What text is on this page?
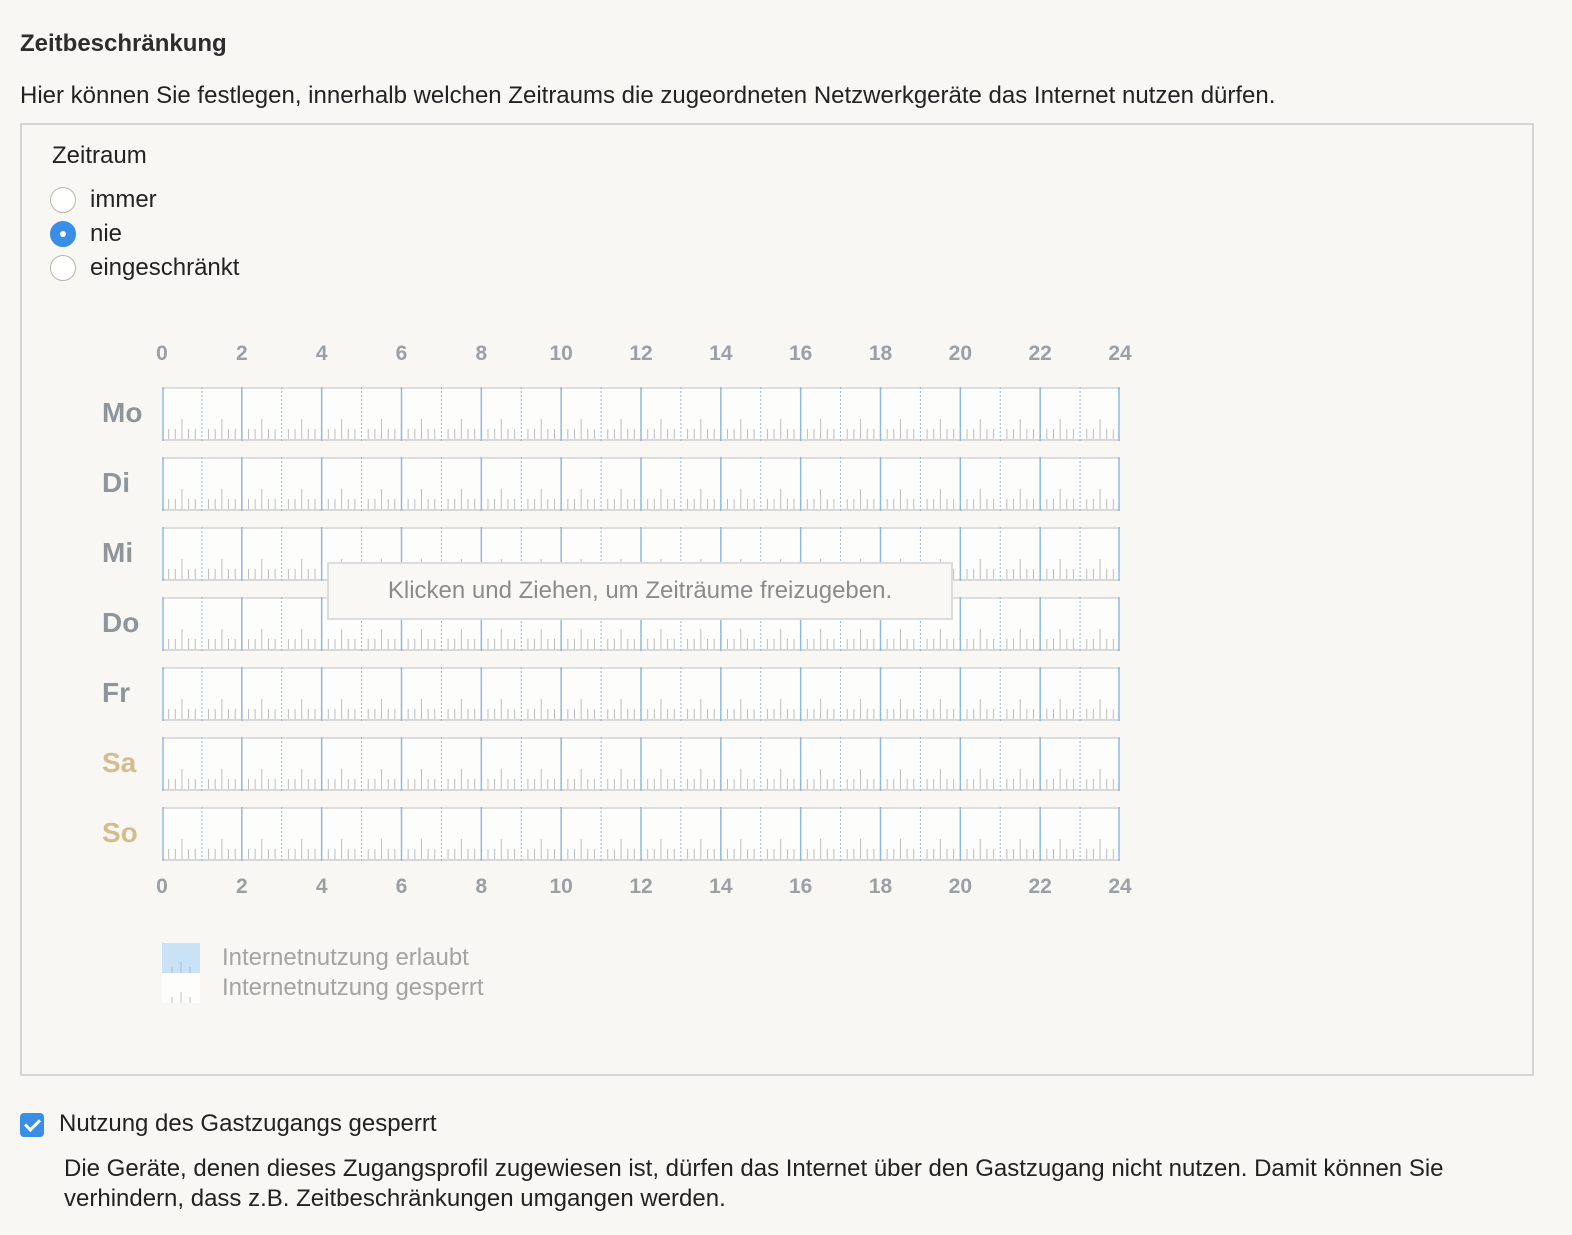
Zeitbeschränkung
Hier können Sie festlegen, innerhalb welchen Zeitraums die zugeordneten Netzwerkgeräte das Internet nutzen dürfen.
Zeitraum
immer
nie
eingeschränkt
0
0
2
2
4
4
6
6
8
8
10
10
12
12
14
14
16
16
18
18
20
20
22
22
24
24
Mo
Di
Mi
Do
Fr
Sa
So
Klicken und Ziehen, um Zeiträume freizugeben.
Internetnutzung erlaubt
Internetnutzung gesperrt
Nutzung des Gastzugangs gesperrt
Die Geräte, denen dieses Zugangsprofil zugewiesen ist, dürfen das Internet über den Gastzugang nicht nutzen. Damit können Sie verhindern, dass z.B. Zeitbeschränkungen umgangen werden.
